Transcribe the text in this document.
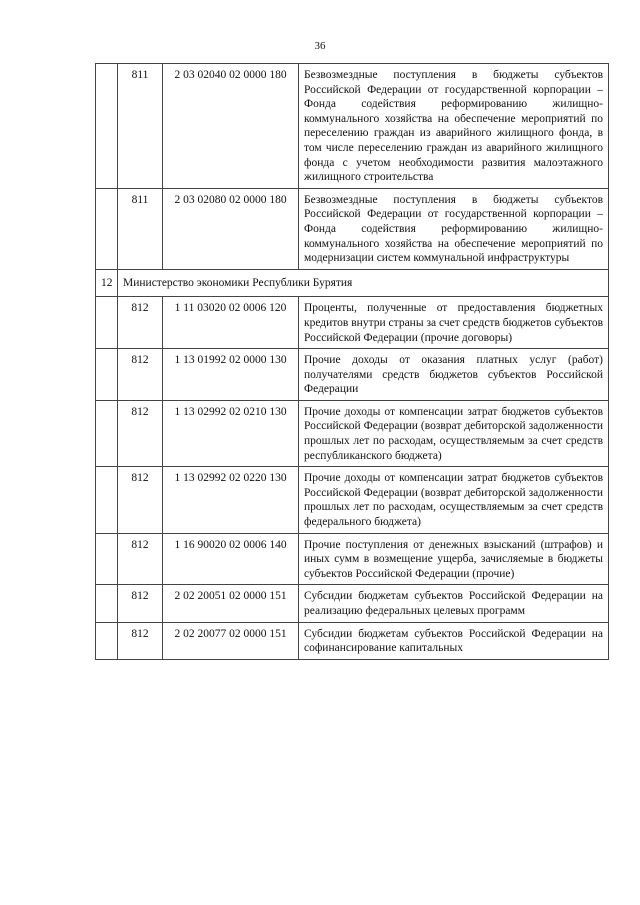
36
	811	2 03 02040 02 0000 180	Безвозмездные поступления в бюджеты субъектов Российской Федерации от государственной корпорации – Фонда содействия реформированию жилищно-коммунального хозяйства на обеспечение мероприятий по переселению граждан из аварийного жилищного фонда, в том числе переселению граждан из аварийного жилищного фонда с учетом необходимости развития малоэтажного жилищного строительства
	811	2 03 02080 02 0000 180	Безвозмездные поступления в бюджеты субъектов Российской Федерации от государственной корпорации – Фонда содействия реформированию жилищно-коммунального хозяйства на обеспечение мероприятий по модернизации систем коммунальной инфраструктуры
12	Министерство экономики Республики Бурятия		
	812	1 11 03020 02 0006 120	Проценты, полученные от предоставления бюджетных кредитов внутри страны за счет средств бюджетов субъектов Российской Федерации (прочие договоры)
	812	1 13 01992 02 0000 130	Прочие доходы от оказания платных услуг (работ) получателями средств бюджетов субъектов Российской Федерации
	812	1 13 02992 02 0210 130	Прочие доходы от компенсации затрат бюджетов субъектов Российской Федерации (возврат дебиторской задолженности прошлых лет по расходам, осуществляемым за счет средств республиканского бюджета)
	812	1 13 02992 02 0220 130	Прочие доходы от компенсации затрат бюджетов субъектов Российской Федерации (возврат дебиторской задолженности прошлых лет по расходам, осуществляемым за счет средств федерального бюджета)
	812	1 16 90020 02 0006 140	Прочие поступления от денежных взысканий (штрафов) и иных сумм в возмещение ущерба, зачисляемые в бюджеты субъектов Российской Федерации (прочие)
	812	2 02 20051 02 0000 151	Субсидии бюджетам субъектов Российской Федерации на реализацию федеральных целевых программ
	812	2 02 20077 02 0000 151	Субсидии бюджетам субъектов Российской Федерации на софинансирование капитальных
